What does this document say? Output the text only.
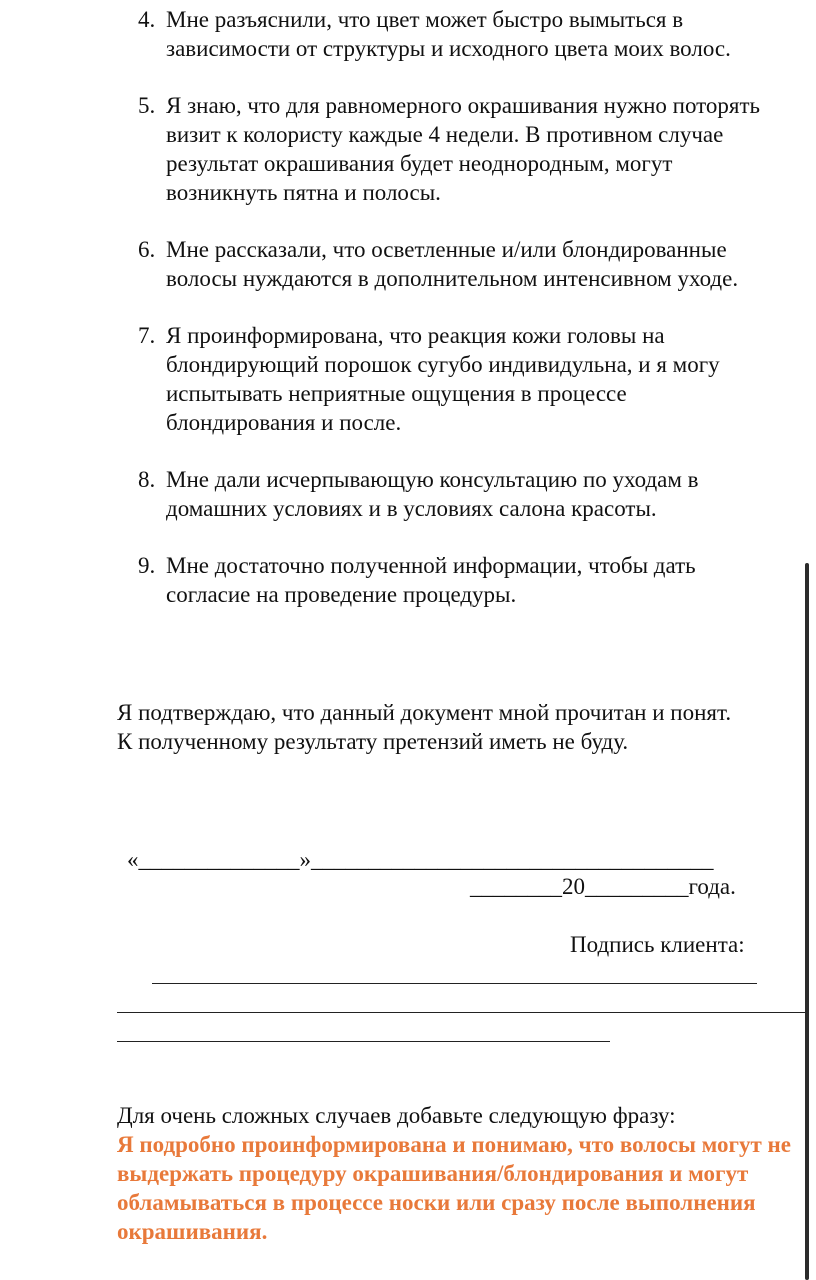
4. Мне разъяснили, что цвет может быстро вымыться в зависимости от структуры и исходного цвета моих волос.
5. Я знаю, что для равномерного окрашивания нужно поторять визит к колористу каждые 4 недели. В противном случае результат окрашивания будет неоднородным, могут возникнуть пятна и полосы.
6. Мне рассказали, что осветленные и/или блондированные волосы нуждаются в дополнительном интенсивном уходе.
7. Я проинформирована, что реакция кожи головы на блондирующий порошок сугубо индивидульна, и я могу испытывать неприятные ощущения в процессе блондирования и после.
8. Мне дали исчерпывающую консультацию по уходам в домашних условиях и в условиях салона красоты.
9. Мне достаточно полученной информации, чтобы дать согласие на проведение процедуры.

Я подтверждаю, что данный документ мной прочитан и понят.

К полученному результату претензий иметь не буду.

«______________»___________________________________
________20_________года.
Подпись клиента:

Для очень сложных случаев добавьте следующую фразу:

Я подробно проинформирована и понимаю, что волосы могут не выдержать процедуру окрашивания/блондирования и могут обламываться в процессе носки или сразу после выполнения окрашивания.
